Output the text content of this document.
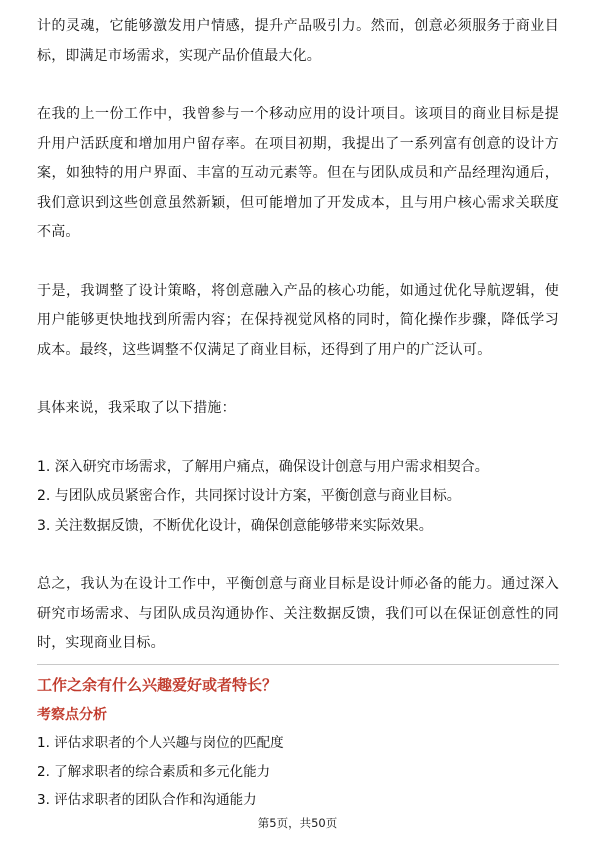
计的灵魂，它能够激发用户情感，提升产品吸引力。然而，创意必须服务于商业目标，即满足市场需求，实现产品价值最大化。

在我的上一份工作中，我曾参与一个移动应用的设计项目。该项目的商业目标是提升用户活跃度和增加用户留存率。在项目初期，我提出了一系列富有创意的设计方案，如独特的用户界面、丰富的互动元素等。但在与团队成员和产品经理沟通后，我们意识到这些创意虽然新颖，但可能增加了开发成本，且与用户核心需求关联度不高。

于是，我调整了设计策略，将创意融入产品的核心功能，如通过优化导航逻辑，使用户能够更快地找到所需内容；在保持视觉风格的同时，简化操作步骤，降低学习成本。最终，这些调整不仅满足了商业目标，还得到了用户的广泛认可。

具体来说，我采取了以下措施：

1. 深入研究市场需求，了解用户痛点，确保设计创意与用户需求相契合。

2. 与团队成员紧密合作，共同探讨设计方案，平衡创意与商业目标。

3. 关注数据反馈，不断优化设计，确保创意能够带来实际效果。

总之，我认为在设计工作中，平衡创意与商业目标是设计师必备的能力。通过深入研究市场需求、与团队成员沟通协作、关注数据反馈，我们可以在保证创意性的同时，实现商业目标。

工作之余有什么兴趣爱好或者特长？
考察点分析

1. 评估求职者的个人兴趣与岗位的匹配度

2. 了解求职者的综合素质和多元化能力

3. 评估求职者的团队合作和沟通能力

第5页，共50页
